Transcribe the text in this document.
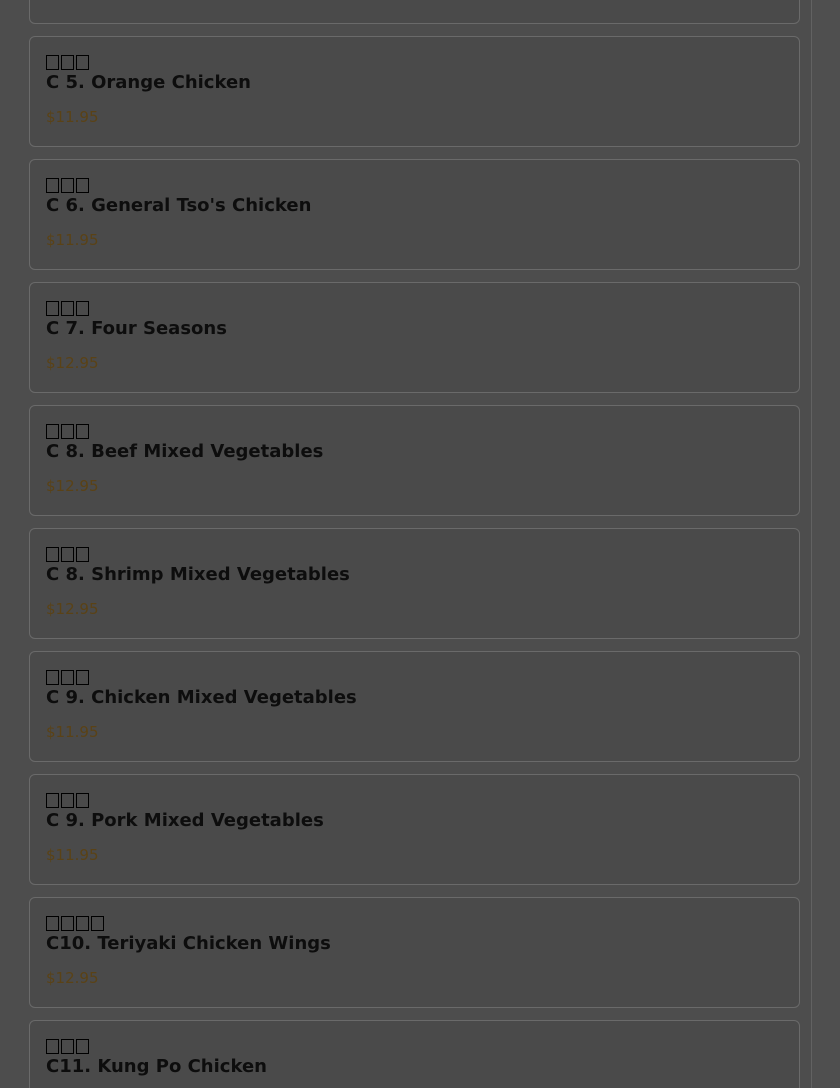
C 5. Orange Chicken
$11.95
C 6. General Tso's Chicken
$11.95
C 7. Four Seasons
$12.95
C 8. Beef Mixed Vegetables
$12.95
C 8. Shrimp Mixed Vegetables
$12.95
C 9. Chicken Mixed Vegetables
$11.95
C 9. Pork Mixed Vegetables
$11.95
C10. Teriyaki Chicken Wings
$12.95
C11. Kung Po Chicken
